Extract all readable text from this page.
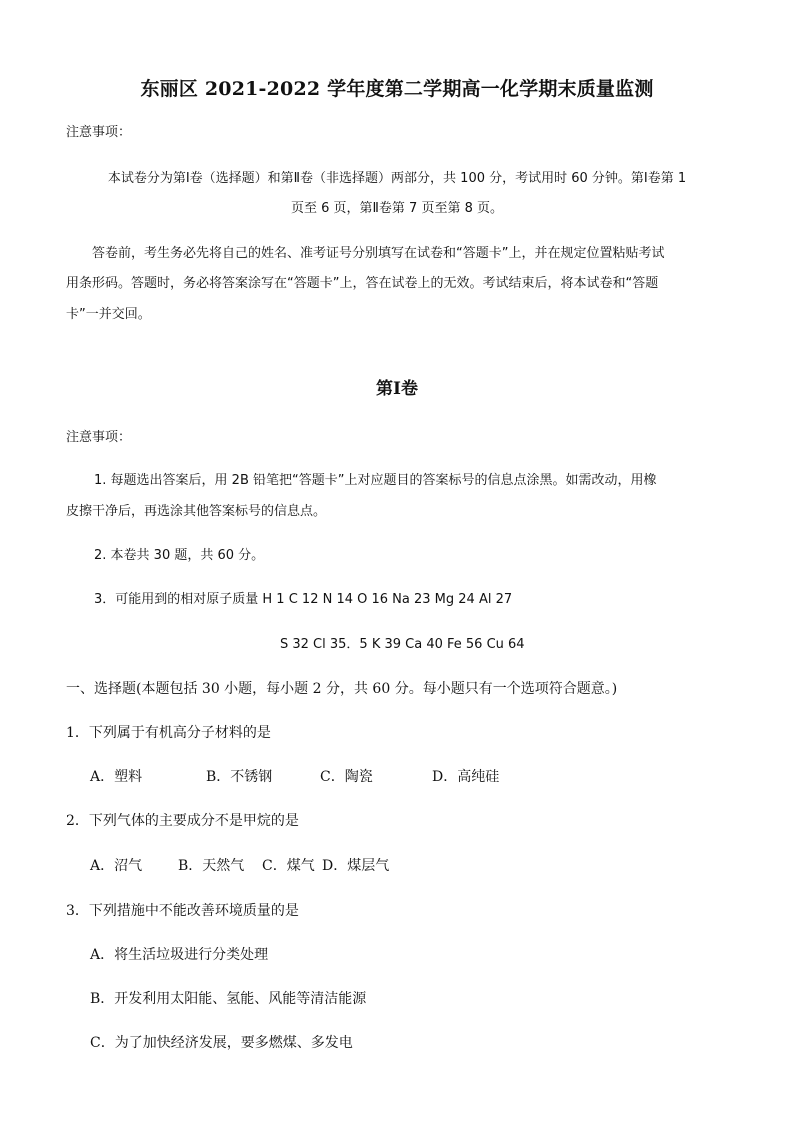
东丽区 2021-2022 学年度第二学期高一化学期末质量监测
注意事项：
本试卷分为第Ⅰ卷（选择题）和第Ⅱ卷（非选择题）两部分，共 100 分，考试用时 60 分钟。第Ⅰ卷第 1
页至 6 页，第Ⅱ卷第 7 页至第 8 页。
答卷前，考生务必先将自己的姓名、准考证号分别填写在试卷和“答题卡”上，并在规定位置粘贴考试
用条形码。答题时，务必将答案涂写在“答题卡”上，答在试卷上的无效。考试结束后，将本试卷和“答题
卡”一并交回。
第Ⅰ卷
注意事项：
1. 每题选出答案后，用 2B 铅笔把“答题卡”上对应题目的答案标号的信息点涂黑。如需改动，用橡
皮擦干净后，再选涂其他答案标号的信息点。
2. 本卷共 30 题，共 60 分。
3．可能用到的相对原子质量 H 1 C 12 N 14 O 16 Na 23 Mg 24 Al 27
S 32 Cl 35．5 K 39 Ca 40 Fe 56 Cu 64
一、选择题(本题包括 30 小题，每小题 2 分，共 60 分。每小题只有一个选项符合题意。)
1．下列属于有机高分子材料的是
A．塑料	B．不锈钢	C．陶瓷	D．高纯硅
2．下列气体的主要成分不是甲烷的是
A．沼气	B．天然气 C．煤气 D．煤层气
3．下列措施中不能改善环境质量的是
A．将生活垃圾进行分类处理
B．开发利用太阳能、氢能、风能等清洁能源
C．为了加快经济发展，要多燃煤、多发电
